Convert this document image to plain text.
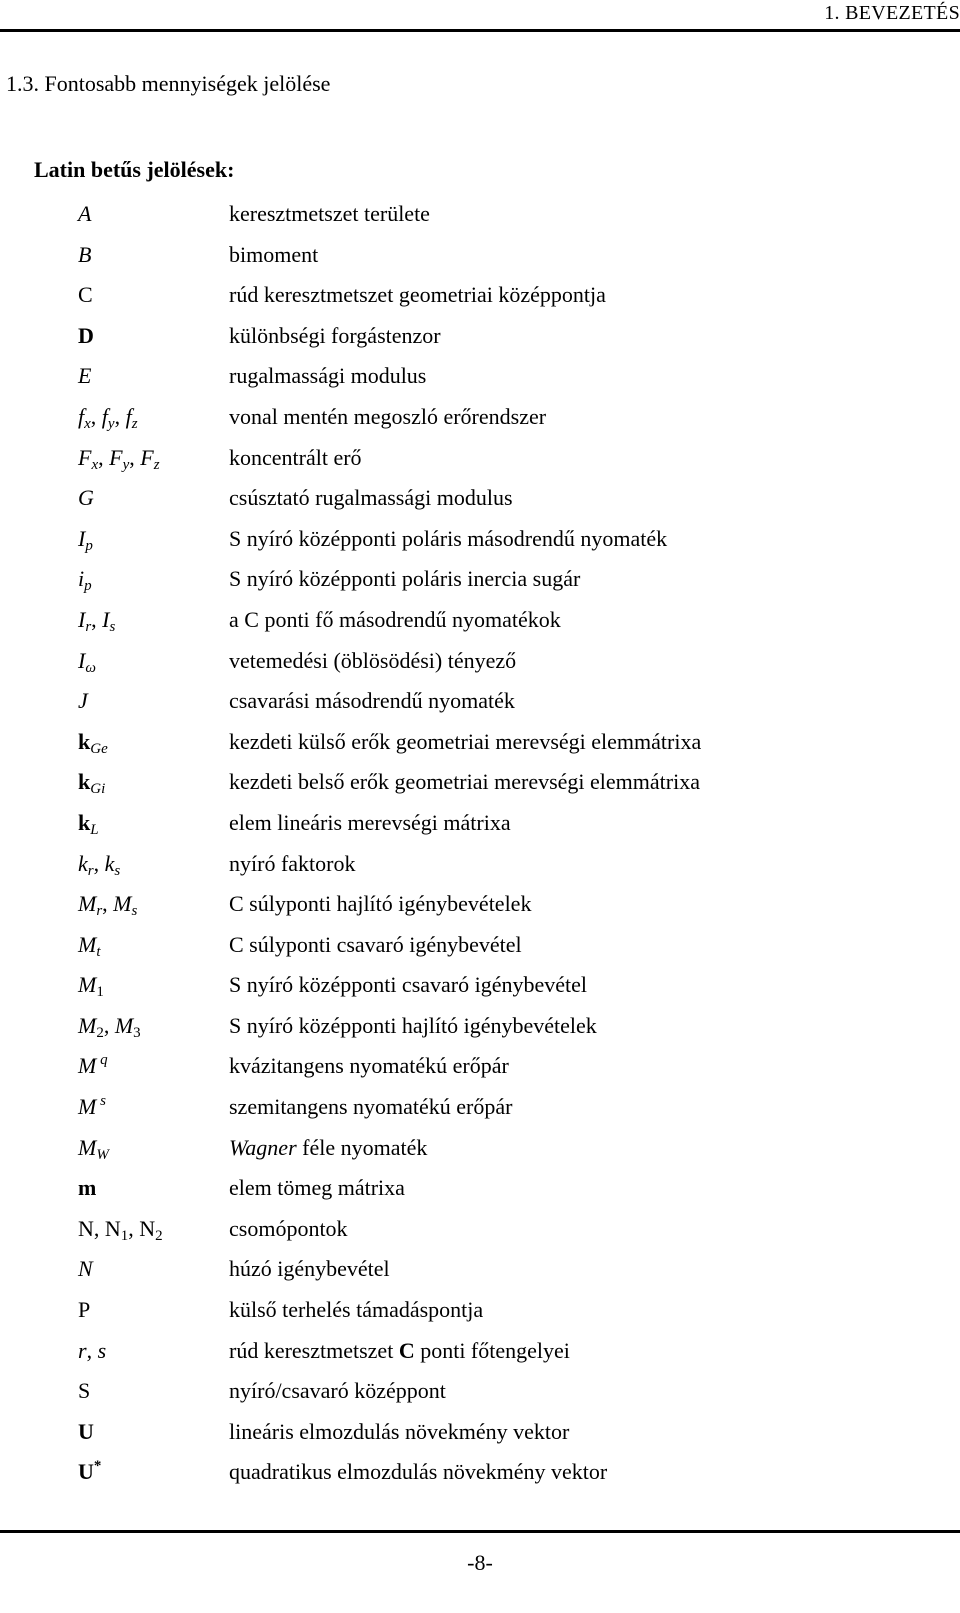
1. BEVEZETÉS
1.3. Fontosabb mennyiségek jelölése
Latin betűs jelölések:
A	keresztmetszet területe
B	bimoment
C	rúd keresztmetszet geometriai középpontja
D	különbségi forgástenzor
E	rugalmassági modulus
$f_x$, $f_y$, $f_z$	vonal mentén megoszló erőrendszer
$F_x$, $F_y$, $F_z$	koncentrált erő
G	csúsztató rugalmassági modulus
$I_p$	S nyíró középponti poláris másodrendű nyomaték
$i_p$	S nyíró középponti poláris inercia sugár
$I_r$, $I_s$	a C ponti fő másodrendű nyomatékok
$I_\omega$	vetemedési (öblösödési) tényező
J	csavarási másodrendű nyomaték
$k_{Ge}$	kezdeti külső erők geometriai merevségi elemmátrixa
$k_{Gi}$	kezdeti belső erők geometriai merevségi elemmátrixa
$k_L$	elem lineáris merevségi mátrixa
$k_r$, $k_s$	nyíró faktorok
$M_r$, $M_s$	C súlyponti hajlító igénybevételek
$M_t$	C súlyponti csavaró igénybevétel
$M_1$	S nyíró középponti csavaró igénybevétel
$M_2$, $M_3$	S nyíró középponti hajlító igénybevételek
M $^q$	kvázitangens nyomatékú erőpár
M $^s$	szemitangens nyomatékú erőpár
$M_W$	Wagner féle nyomaték
m	elem tömeg mátrixa
N, $N_1$, $N_2$	csomópontok
N	húzó igénybevétel
P	külső terhelés támadáspontja
r, s	rúd keresztmetszet C ponti főtengelyei
S	nyíró/csavaró középpont
U	lineáris elmozdulás növekmény vektor
U*	quadratikus elmozdulás növekmény vektor
-8-
